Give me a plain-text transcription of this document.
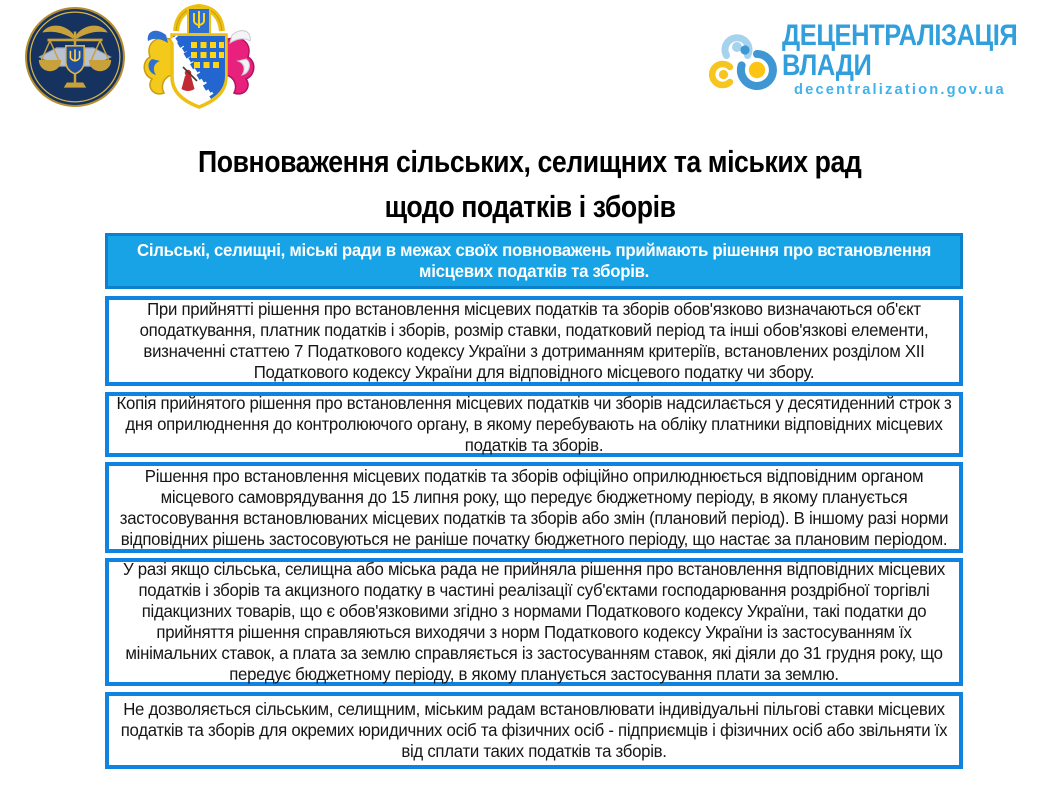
ДЕЦЕНТРАЛІЗАЦІЯ
ВЛАДИ
decentralization.gov.ua
Повноваження сільських, селищних та міських рад
щодо податків і зборів
Сільські, селищні, міські ради в межах своїх повноважень приймають рішення про встановлення місцевих податків та зборів.
При прийнятті рішення про встановлення місцевих податків та зборів обов'язково визначаються об'єкт оподаткування, платник податків і зборів, розмір ставки, податковий період та інші обов'язкові елементи, визначенні статтею 7 Податкового кодексу України з дотриманням критеріїв, встановлених розділом XII Податкового кодексу України для відповідного місцевого податку чи збору.
Копія прийнятого рішення про встановлення місцевих податків чи зборів надсилається у десятиденний строк з дня оприлюднення до контролюючого органу, в якому перебувають на обліку платники відповідних місцевих податків та зборів.
Рішення про встановлення місцевих податків та зборів офіційно оприлюднюється відповідним органом місцевого самоврядування до 15 липня року, що передує бюджетному періоду, в якому планується застосовування встановлюваних місцевих податків та зборів або змін (плановий період). В іншому разі норми відповідних рішень застосовуються не раніше початку бюджетного періоду, що настає за плановим періодом.
У разі якщо сільська, селищна або міська рада не прийняла рішення про встановлення відповідних місцевих податків і зборів та акцизного податку в частині реалізації суб'єктами господарювання роздрібної торгівлі підакцизних товарів, що є обов'язковими згідно з нормами Податкового кодексу України, такі податки до прийняття рішення справляються виходячи з норм Податкового кодексу України із застосуванням їх мінімальних ставок, а плата за землю справляється із застосуванням ставок, які діяли до 31 грудня року, що передує бюджетному періоду, в якому планується застосування плати за землю.
Не дозволяється сільським, селищним, міським радам встановлювати індивідуальні пільгові ставки місцевих податків та зборів для окремих юридичних осіб та фізичних осіб - підприємців і фізичних осіб або звільняти їх від сплати таких податків та зборів.
